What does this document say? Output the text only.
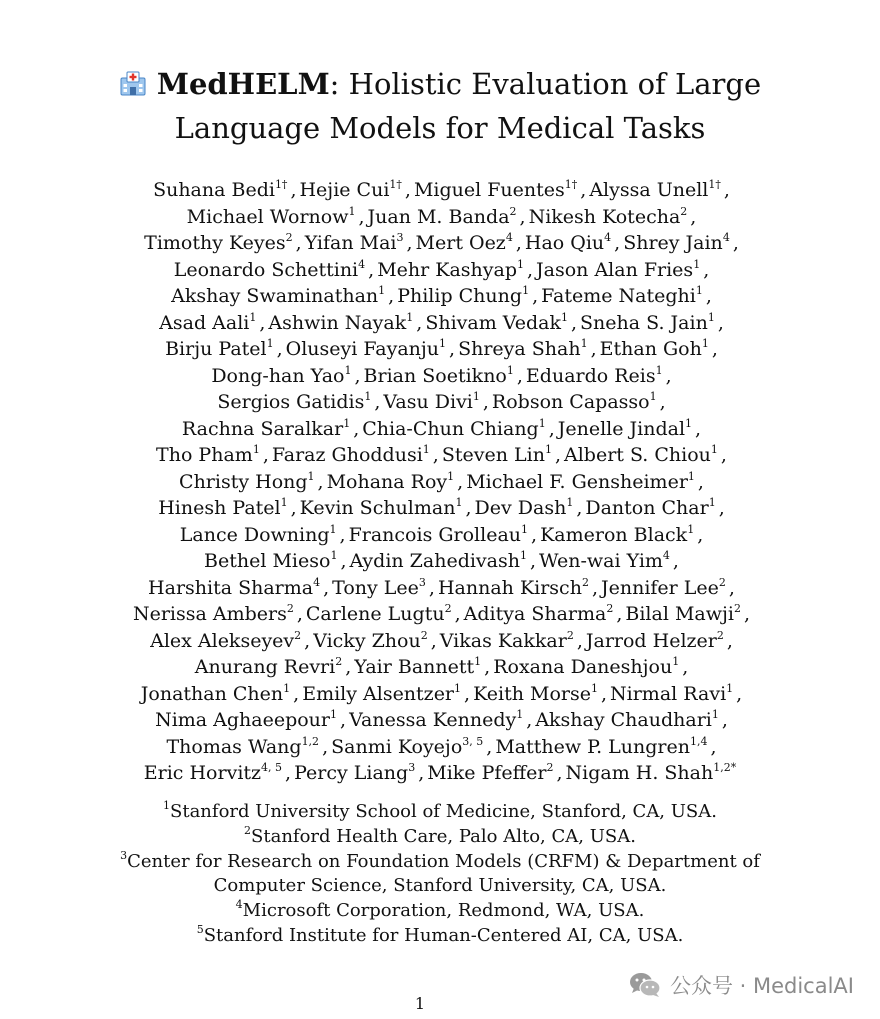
MedHELM: Holistic Evaluation of Large
Language Models for Medical Tasks
Suhana Bedi$^{1\dagger}$ , Hejie Cui$^{1\dagger}$ , Miguel Fuentes$^{1\dagger}$ , Alyssa Unell$^{1\dagger}$ ,
Michael Wornow$^1$ , Juan M. Banda$^2$ , Nikesh Kotecha$^2$ ,
Timothy Keyes$^2$ , Yifan Mai$^3$ , Mert Oez$^4$ , Hao Qiu$^4$ , Shrey Jain$^4$ ,
Leonardo Schettini$^4$ , Mehr Kashyap$^1$ , Jason Alan Fries$^1$ ,
Akshay Swaminathan$^1$ , Philip Chung$^1$ , Fateme Nateghi$^1$ ,
Asad Aali$^1$ , Ashwin Nayak$^1$ , Shivam Vedak$^1$ , Sneha S. Jain$^1$ ,
Birju Patel$^1$ , Oluseyi Fayanju$^1$ , Shreya Shah$^1$ , Ethan Goh$^1$ ,
Dong-han Yao$^1$ , Brian Soetikno$^1$ , Eduardo Reis$^1$ ,
Sergios Gatidis$^1$ , Vasu Divi$^1$ , Robson Capasso$^1$ ,
Rachna Saralkar$^1$ , Chia-Chun Chiang$^1$ , Jenelle Jindal$^1$ ,
Tho Pham$^1$ , Faraz Ghoddusi$^1$ , Steven Lin$^1$ , Albert S. Chiou$^1$ ,
Christy Hong$^1$ , Mohana Roy$^1$ , Michael F. Gensheimer$^1$ ,
Hinesh Patel$^1$ , Kevin Schulman$^1$ , Dev Dash$^1$ , Danton Char$^1$ ,
Lance Downing$^1$ , Francois Grolleau$^1$ , Kameron Black$^1$ ,
Bethel Mieso$^1$ , Aydin Zahedivash$^1$ , Wen-wai Yim$^4$ ,
Harshita Sharma$^4$ , Tony Lee$^3$ , Hannah Kirsch$^2$ , Jennifer Lee$^2$ ,
Nerissa Ambers$^2$ , Carlene Lugtu$^2$ , Aditya Sharma$^2$ , Bilal Mawji$^2$ ,
Alex Alekseyev$^2$ , Vicky Zhou$^2$ , Vikas Kakkar$^2$ , Jarrod Helzer$^2$ ,
Anurang Revri$^2$ , Yair Bannett$^1$ , Roxana Daneshjou$^1$ ,
Jonathan Chen$^1$ , Emily Alsentzer$^1$ , Keith Morse$^1$ , Nirmal Ravi$^1$ ,
Nima Aghaeepour$^1$ , Vanessa Kennedy$^1$ , Akshay Chaudhari$^1$ ,
Thomas Wang$^{1,2}$ , Sanmi Koyejo$^{3, 5}$ , Matthew P. Lungren$^{1,4}$ ,
Eric Horvitz$^{4, 5}$ , Percy Liang$^3$ , Mike Pfeffer$^2$ , Nigam H. Shah$^{1,2*}$
$^1$Stanford University School of Medicine, Stanford, CA, USA.
$^2$Stanford Health Care, Palo Alto, CA, USA.
$^3$Center for Research on Foundation Models (CRFM) & Department of
Computer Science, Stanford University, CA, USA.
$^4$Microsoft Corporation, Redmond, WA, USA.
$^5$Stanford Institute for Human-Centered AI, CA, USA.
1
公众号 · MedicalAI
